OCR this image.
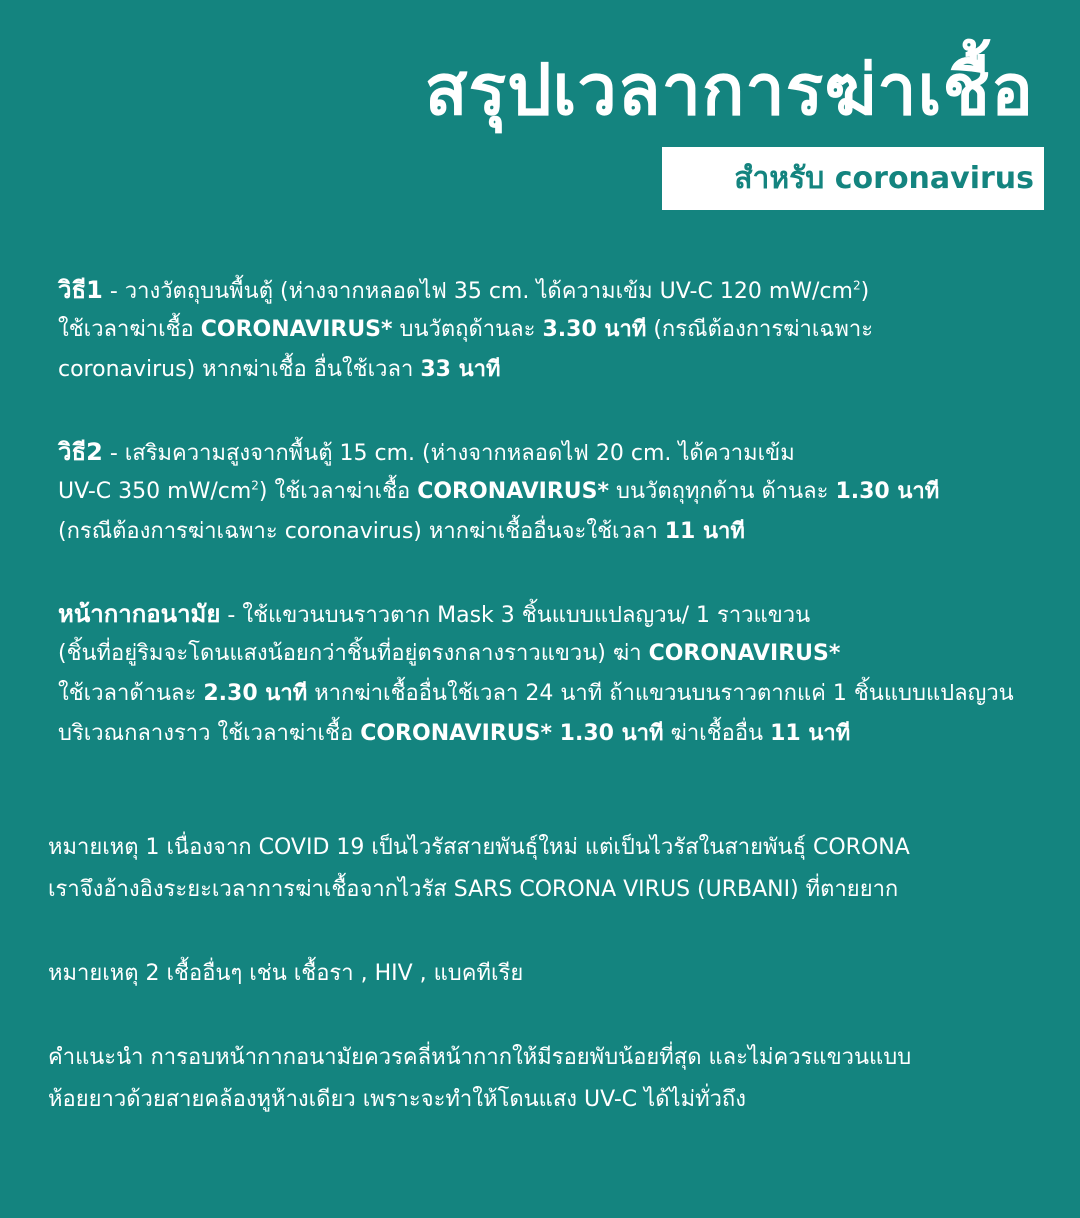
สรุปเวลาการฆ่าเชื้อ
สำหรับ coronavirus
วิธี1 - วางวัตถุบนพื้นตู้ (ห่างจากหลอดไฟ 35 cm. ได้ความเข้ม UV-C 120 $mW/cm^2$)
ใช้เวลาฆ่าเชื้อ CORONAVIRUS* บนวัตถุด้านละ 3.30 นาที (กรณีต้องการฆ่าเฉพาะ
coronavirus) หากฆ่าเชื้อ อื่นใช้เวลา 33 นาที
วิธี2 - เสริมความสูงจากพื้นตู้ 15 cm. (ห่างจากหลอดไฟ 20 cm. ได้ความเข้ม
UV-C 350 $mW/cm^2$) ใช้เวลาฆ่าเชื้อ CORONAVIRUS* บนวัตถุทุกด้าน ด้านละ 1.30 นาที
(กรณีต้องการฆ่าเฉพาะ coronavirus) หากฆ่าเชื้ออื่นจะใช้เวลา 11 นาที
หน้ากากอนามัย - ใช้แขวนบนราวตาก Mask 3 ชิ้นแบบแปลญวน/ 1 ราวแขวน
(ชิ้นที่อยู่ริมจะโดนแสงน้อยกว่าชิ้นที่อยู่ตรงกลางราวแขวน) ฆ่า CORONAVIRUS*
ใช้เวลาด้านละ 2.30 นาที หากฆ่าเชื้ออื่นใช้เวลา 24 นาที ถ้าแขวนบนราวตากแค่ 1 ชิ้นแบบแปลญวน
บริเวณกลางราว ใช้เวลาฆ่าเชื้อ CORONAVIRUS* 1.30 นาที ฆ่าเชื้ออื่น 11 นาที
หมายเหตุ 1 เนื่องจาก COVID 19 เป็นไวรัสสายพันธุ์ใหม่ แต่เป็นไวรัสในสายพันธุ์ CORONA
เราจึงอ้างอิงระยะเวลาการฆ่าเชื้อจากไวรัส SARS CORONA VIRUS (URBANI) ที่ตายยาก
หมายเหตุ 2 เชื้ออื่นๆ เช่น เชื้อรา , HIV , แบคทีเรีย
คำแนะนำ การอบหน้ากากอนามัยควรคลี่หน้ากากให้มีรอยพับน้อยที่สุด และไม่ควรแขวนแบบ
ห้อยยาวด้วยสายคล้องหูห้างเดียว เพราะจะทำให้โดนแสง UV-C ได้ไม่ทั่วถึง
